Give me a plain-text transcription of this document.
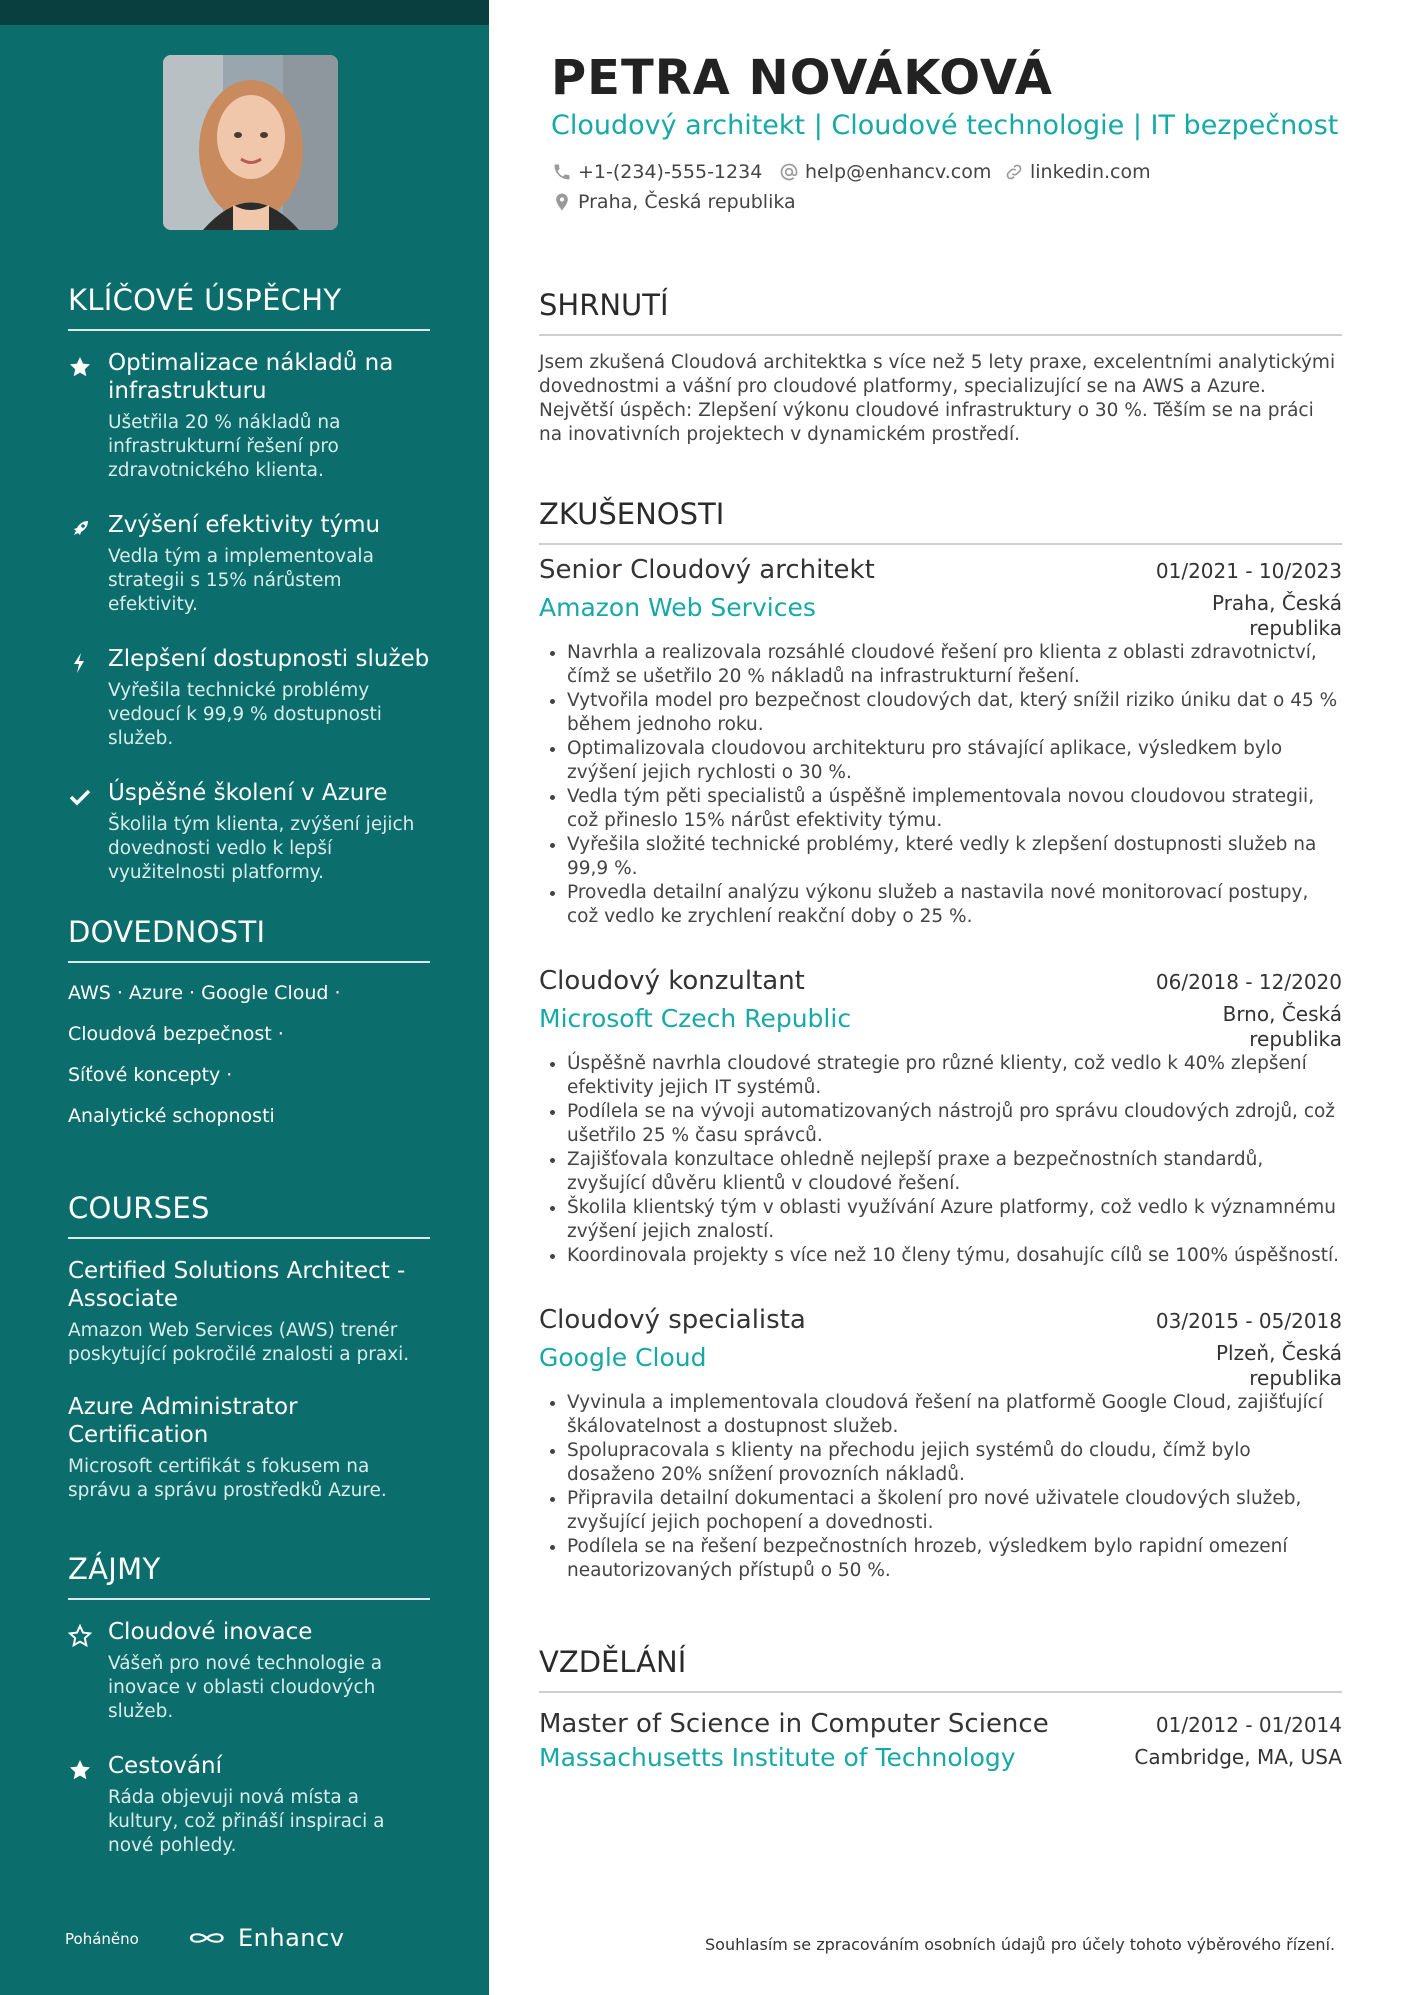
KLÍČOVÉ ÚSPĚCHY
Optimalizace nákladů na infrastrukturu
Ušetřila 20 % nákladů na infrastrukturní řešení pro zdravotnického klienta.
Zvýšení efektivity týmu
Vedla tým a implementovala strategii s 15% nárůstem efektivity.
Zlepšení dostupnosti služeb
Vyřešila technické problémy vedoucí k 99,9 % dostupnosti služeb.
Úspěšné školení v Azure
Školila tým klienta, zvýšení jejich dovednosti vedlo k lepší využitelnosti platformy.
DOVEDNOSTI
AWS · Azure · Google Cloud ·
Cloudová bezpečnost ·
Síťové koncepty ·
Analytické schopnosti
COURSES
Certified Solutions Architect - Associate
Amazon Web Services (AWS) trenér poskytující pokročilé znalosti a praxi.
Azure Administrator Certification
Microsoft certifikát s fokusem na správu a správu prostředků Azure.
ZÁJMY
Cloudové inovace
Vášeň pro nové technologie a inovace v oblasti cloudových služeb.
Cestování
Ráda objevuji nová místa a kultury, což přináší inspiraci a nové pohledy.
Poháněno	Enhancv
PETRA NOVÁKOVÁ
Cloudový architekt | Cloudové technologie | IT bezpečnost
+1-(234)-555-1234 help@enhancv.com linkedin.com
Praha, Česká republika
SHRNUTÍ
Jsem zkušená Cloudová architektka s více než 5 lety praxe, excelentními analytickými dovednostmi a vášní pro cloudové platformy, specializující se na AWS a Azure. Největší úspěch: Zlepšení výkonu cloudové infrastruktury o 30 %. Těším se na práci na inovativních projektech v dynamickém prostředí.
ZKUŠENOSTI
Senior Cloudový architekt	01/2021 - 10/2023
Amazon Web Services	Praha, Česká republika
• Navrhla a realizovala rozsáhlé cloudové řešení pro klienta z oblasti zdravotnictví, čímž se ušetřilo 20 % nákladů na infrastrukturní řešení.
• Vytvořila model pro bezpečnost cloudových dat, který snížil riziko úniku dat o 45 % během jednoho roku.
• Optimalizovala cloudovou architekturu pro stávající aplikace, výsledkem bylo zvýšení jejich rychlosti o 30 %.
• Vedla tým pěti specialistů a úspěšně implementovala novou cloudovou strategii, což přineslo 15% nárůst efektivity týmu.
• Vyřešila složité technické problémy, které vedly k zlepšení dostupnosti služeb na 99,9 %.
• Provedla detailní analýzu výkonu služeb a nastavila nové monitorovací postupy, což vedlo ke zrychlení reakční doby o 25 %.
Cloudový konzultant	06/2018 - 12/2020
Microsoft Czech Republic	Brno, Česká republika
• Úspěšně navrhla cloudové strategie pro různé klienty, což vedlo k 40% zlepšení efektivity jejich IT systémů.
• Podílela se na vývoji automatizovaných nástrojů pro správu cloudových zdrojů, což ušetřilo 25 % času správců.
• Zajišťovala konzultace ohledně nejlepší praxe a bezpečnostních standardů, zvyšující důvěru klientů v cloudové řešení.
• Školila klientský tým v oblasti využívání Azure platformy, což vedlo k významnému zvýšení jejich znalostí.
• Koordinovala projekty s více než 10 členy týmu, dosahujíc cílů se 100% úspěšností.
Cloudový specialista	03/2015 - 05/2018
Google Cloud	Plzeň, Česká republika
• Vyvinula a implementovala cloudová řešení na platformě Google Cloud, zajišťující škálovatelnost a dostupnost služeb.
• Spolupracovala s klienty na přechodu jejich systémů do cloudu, čímž bylo dosaženo 20% snížení provozních nákladů.
• Připravila detailní dokumentaci a školení pro nové uživatele cloudových služeb, zvyšující jejich pochopení a dovednosti.
• Podílela se na řešení bezpečnostních hrozeb, výsledkem bylo rapidní omezení neautorizovaných přístupů o 50 %.
VZDĚLÁNÍ
Master of Science in Computer Science	01/2012 - 01/2014
Massachusetts Institute of Technology	Cambridge, MA, USA
Souhlasím se zpracováním osobních údajů pro účely tohoto výběrového řízení.
